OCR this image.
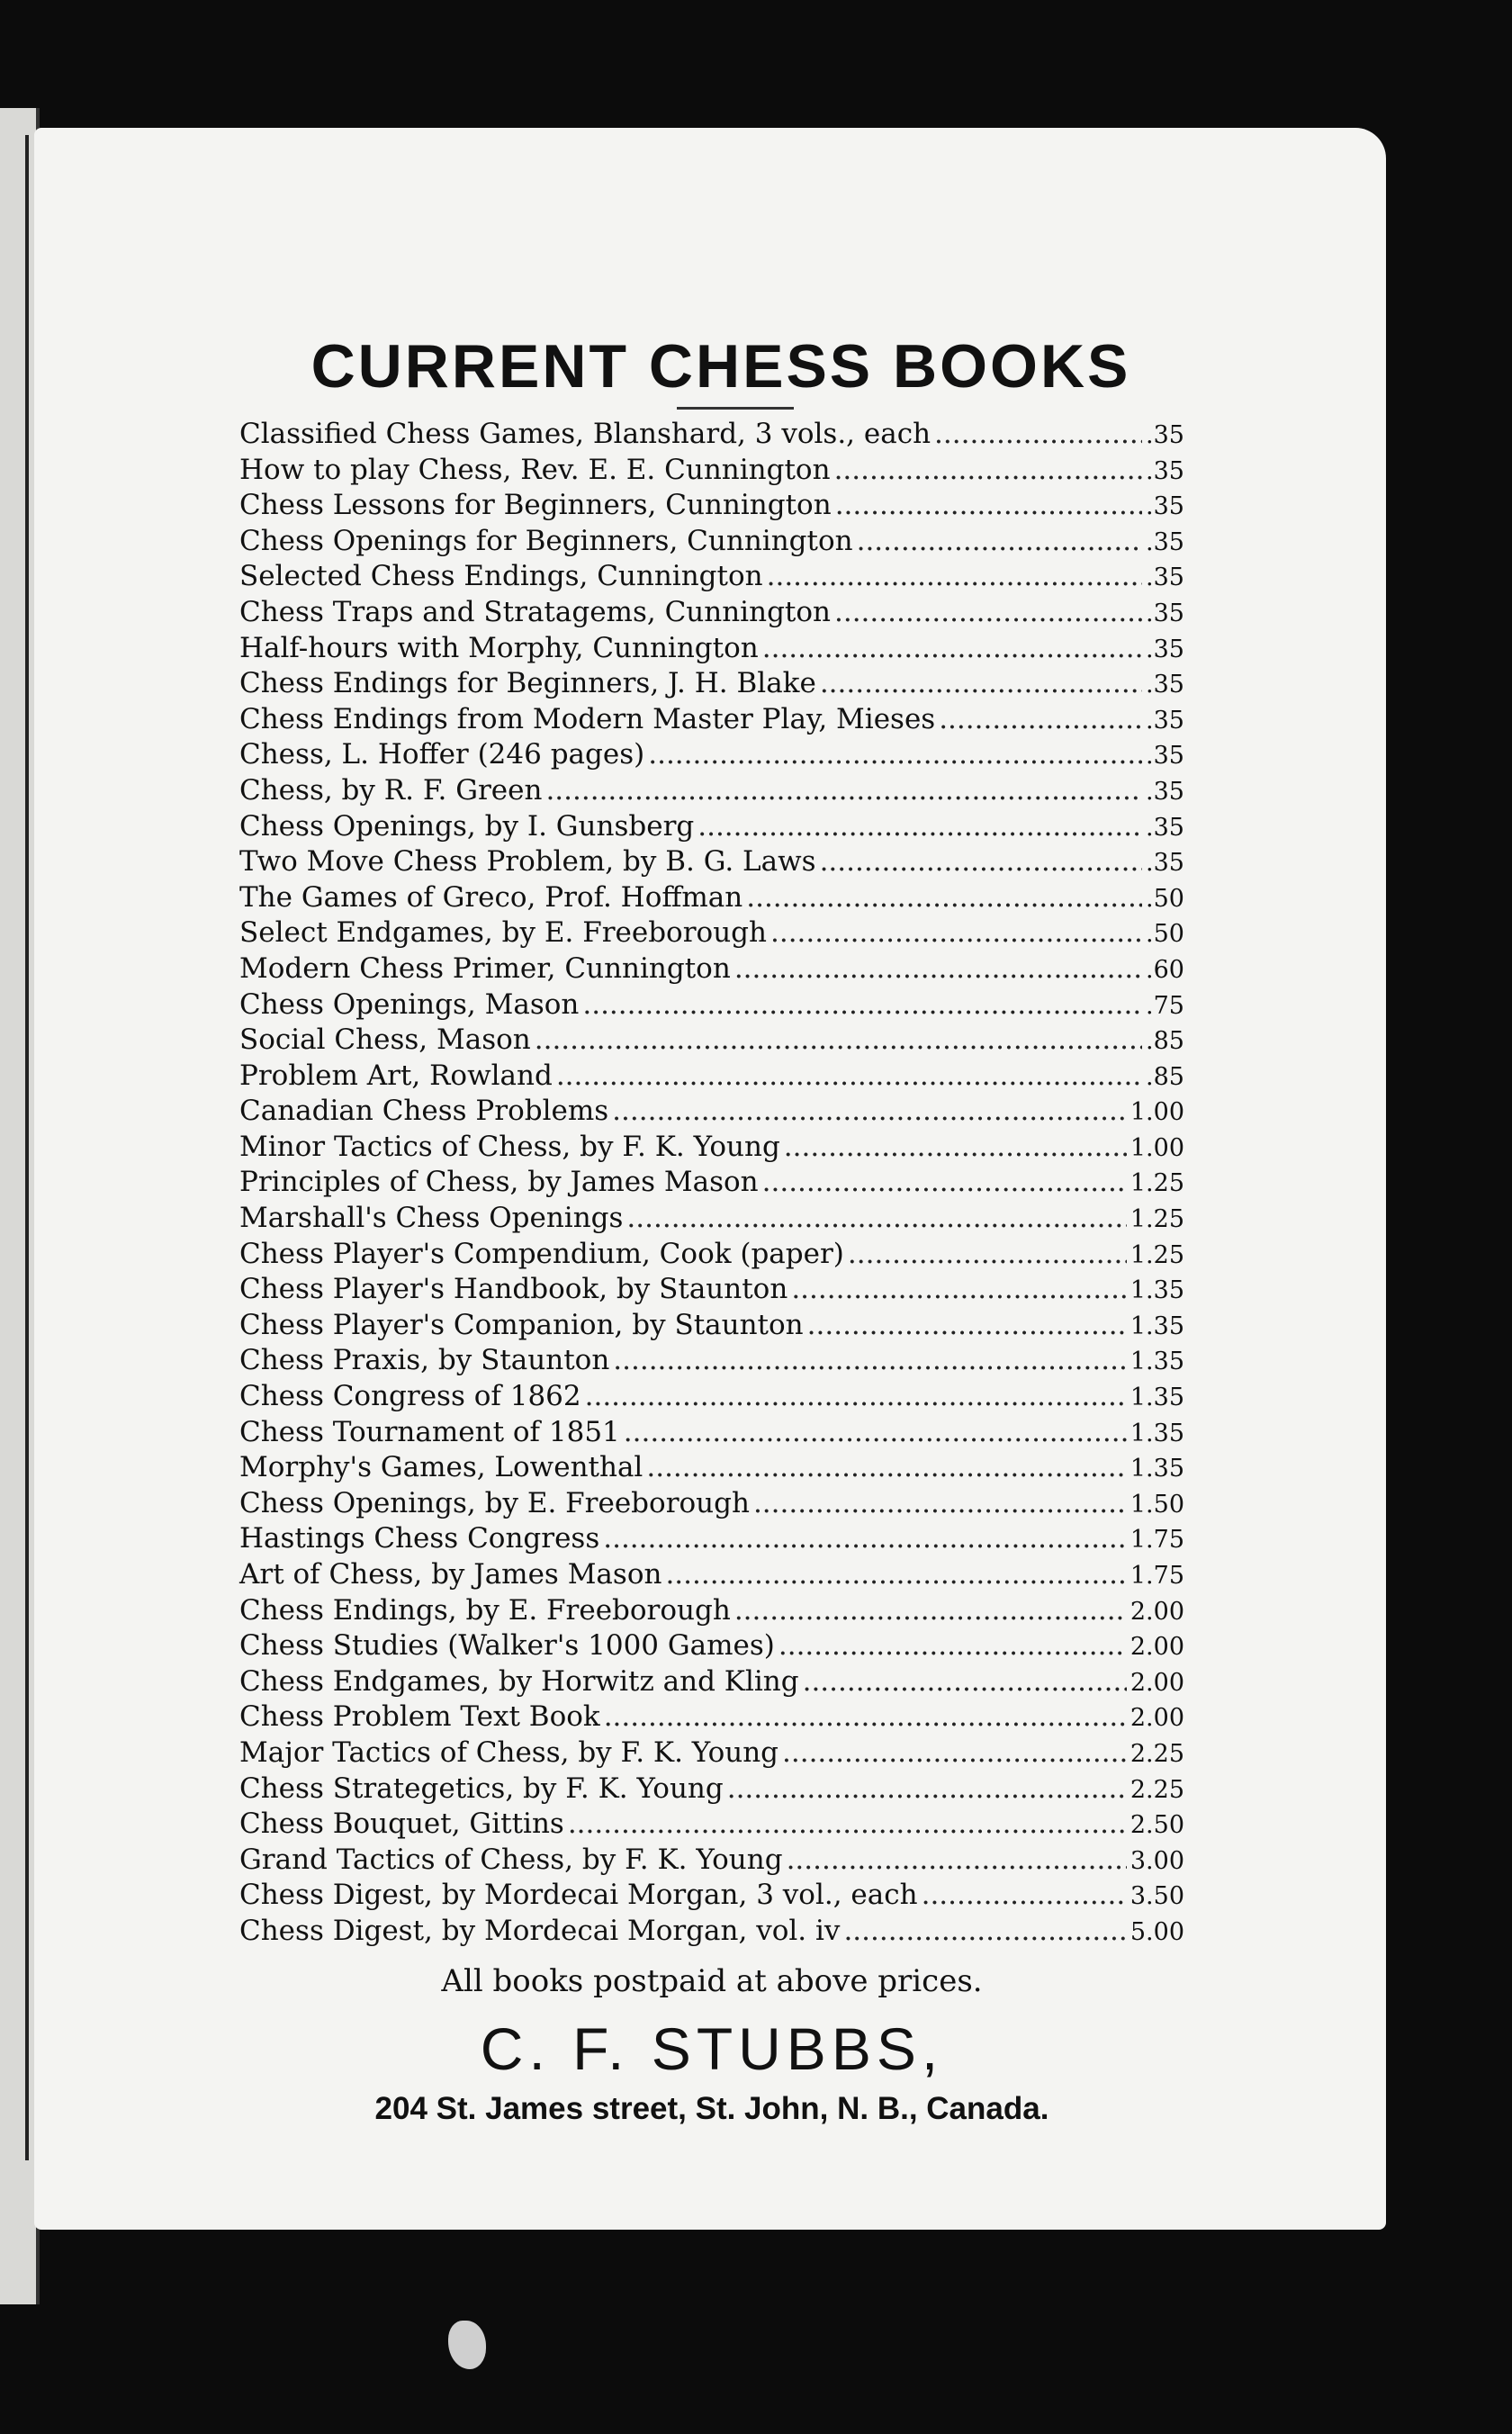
CURRENT CHESS BOOKS
Classified Chess Games, Blanshard, 3 vols., each .....	.35
How to play Chess, Rev. E. E. Cunnington .....	.35
Chess Lessons for Beginners, Cunnington .....	.35
Chess Openings for Beginners, Cunnington .....	.35
Selected Chess Endings, Cunnington .....	.35
Chess Traps and Stratagems, Cunnington .....	.35
Half-hours with Morphy, Cunnington .....	.35
Chess Endings for Beginners, J. H. Blake .....	.35
Chess Endings from Modern Master Play, Mieses .....	.35
Chess, L. Hoffer (246 pages) .....	.35
Chess, by R. F. Green .....	.35
Chess Openings, by I. Gunsberg .....	.35
Two Move Chess Problem, by B. G. Laws .....	.35
The Games of Greco, Prof. Hoffman .....	.50
Select Endgames, by E. Freeborough .....	.50
Modern Chess Primer, Cunnington .....	.60
Chess Openings, Mason .....	.75
Social Chess, Mason .....	.85
Problem Art, Rowland .....	.85
Canadian Chess Problems .....	1.00
Minor Tactics of Chess, by F. K. Young .....	1.00
Principles of Chess, by James Mason .....	1.25
Marshall's Chess Openings .....	1.25
Chess Player's Compendium, Cook (paper) .....	1.25
Chess Player's Handbook, by Staunton .....	1.35
Chess Player's Companion, by Staunton .....	1.35
Chess Praxis, by Staunton .....	1.35
Chess Congress of 1862 .....	1.35
Chess Tournament of 1851 .....	1.35
Morphy's Games, Lowenthal .....	1.35
Chess Openings, by E. Freeborough .....	1.50
Hastings Chess Congress .....	1.75
Art of Chess, by James Mason .....	1.75
Chess Endings, by E. Freeborough .....	2.00
Chess Studies (Walker's 1000 Games) .....	2.00
Chess Endgames, by Horwitz and Kling .....	2.00
Chess Problem Text Book .....	2.00
Major Tactics of Chess, by F. K. Young .....	2.25
Chess Strategetics, by F. K. Young .....	2.25
Chess Bouquet, Gittins .....	2.50
Grand Tactics of Chess, by F. K. Young .....	3.00
Chess Digest, by Mordecai Morgan, 3 vol., each .....	3.50
Chess Digest, by Mordecai Morgan, vol. iv .....	5.00
All books postpaid at above prices.
C. F. STUBBS,
204 St. James street, St. John, N. B., Canada.
